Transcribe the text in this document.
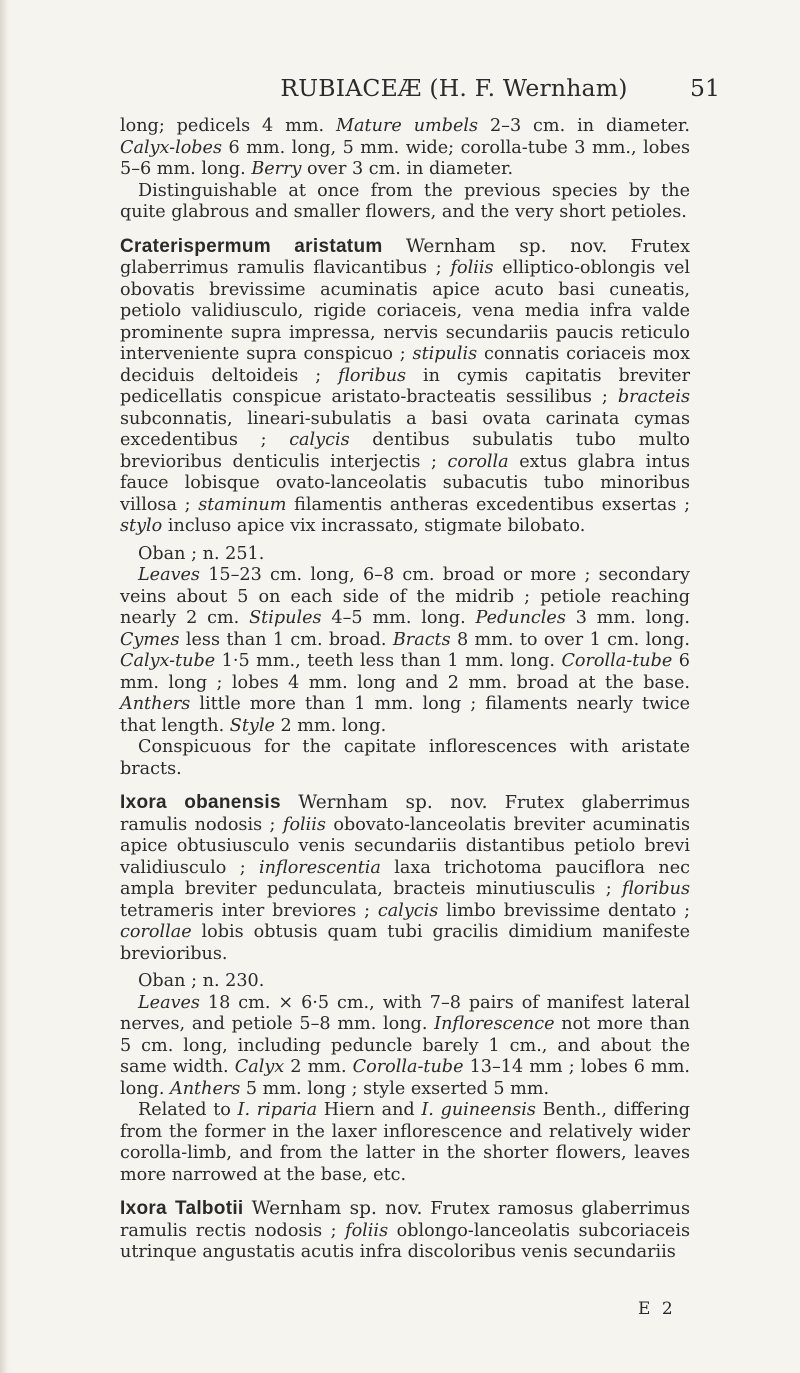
RUBIACEÆ (H. F. Wernham)	51

long; pedicels 4 mm. Mature umbels 2–3 cm. in diameter. Calyx-lobes 6 mm. long, 5 mm. wide; corolla-tube 3 mm., lobes 5–6 mm. long. Berry over 3 cm. in diameter.

Distinguishable at once from the previous species by the quite glabrous and smaller flowers, and the very short petioles.

Craterispermum aristatum Wernham sp. nov. Frutex glaberrimus ramulis flavicantibus ; foliis elliptico-oblongis vel obovatis brevissime acuminatis apice acuto basi cuneatis, petiolo validiusculo, rigide coriaceis, vena media infra valde prominente supra impressa, nervis secundariis paucis reticulo interveniente supra conspicuo ; stipulis connatis coriaceis mox deciduis deltoideis ; floribus in cymis capitatis breviter pedicellatis conspicue aristato-bracteatis sessilibus ; bracteis subconnatis, lineari-subulatis a basi ovata carinata cymas excedentibus ; calycis dentibus subulatis tubo multo brevioribus denticulis interjectis ; corolla extus glabra intus fauce lobisque ovato-lanceolatis subacutis tubo minoribus villosa ; staminum filamentis antheras excedentibus exsertas ; stylo incluso apice vix incrassato, stigmate bilobato.

Oban ; n. 251.

Leaves 15–23 cm. long, 6–8 cm. broad or more ; secondary veins about 5 on each side of the midrib ; petiole reaching nearly 2 cm. Stipules 4–5 mm. long. Peduncles 3 mm. long. Cymes less than 1 cm. broad. Bracts 8 mm. to over 1 cm. long. Calyx-tube 1·5 mm., teeth less than 1 mm. long. Corolla-tube 6 mm. long ; lobes 4 mm. long and 2 mm. broad at the base. Anthers little more than 1 mm. long ; filaments nearly twice that length. Style 2 mm. long.

Conspicuous for the capitate inflorescences with aristate bracts.

Ixora obanensis Wernham sp. nov. Frutex glaberrimus ramulis nodosis ; foliis obovato-lanceolatis breviter acuminatis apice obtusiusculo venis secundariis distantibus petiolo brevi validiusculo ; inflorescentia laxa trichotoma pauciflora nec ampla breviter pedunculata, bracteis minutiusculis ; floribus tetrameris inter breviores ; calycis limbo brevissime dentato ; corollae lobis obtusis quam tubi gracilis dimidium manifeste brevioribus.

Oban ; n. 230.

Leaves 18 cm. × 6·5 cm., with 7–8 pairs of manifest lateral nerves, and petiole 5–8 mm. long. Inflorescence not more than 5 cm. long, including peduncle barely 1 cm., and about the same width. Calyx 2 mm. Corolla-tube 13–14 mm ; lobes 6 mm. long. Anthers 5 mm. long ; style exserted 5 mm.

Related to I. riparia Hiern and I. guineensis Benth., differing from the former in the laxer inflorescence and relatively wider corolla-limb, and from the latter in the shorter flowers, leaves more narrowed at the base, etc.

Ixora Talbotii Wernham sp. nov. Frutex ramosus glaberrimus ramulis rectis nodosis ; foliis oblongo-lanceolatis subcoriaceis utrinque angustatis acutis infra discoloribus venis secundariis

E 2
